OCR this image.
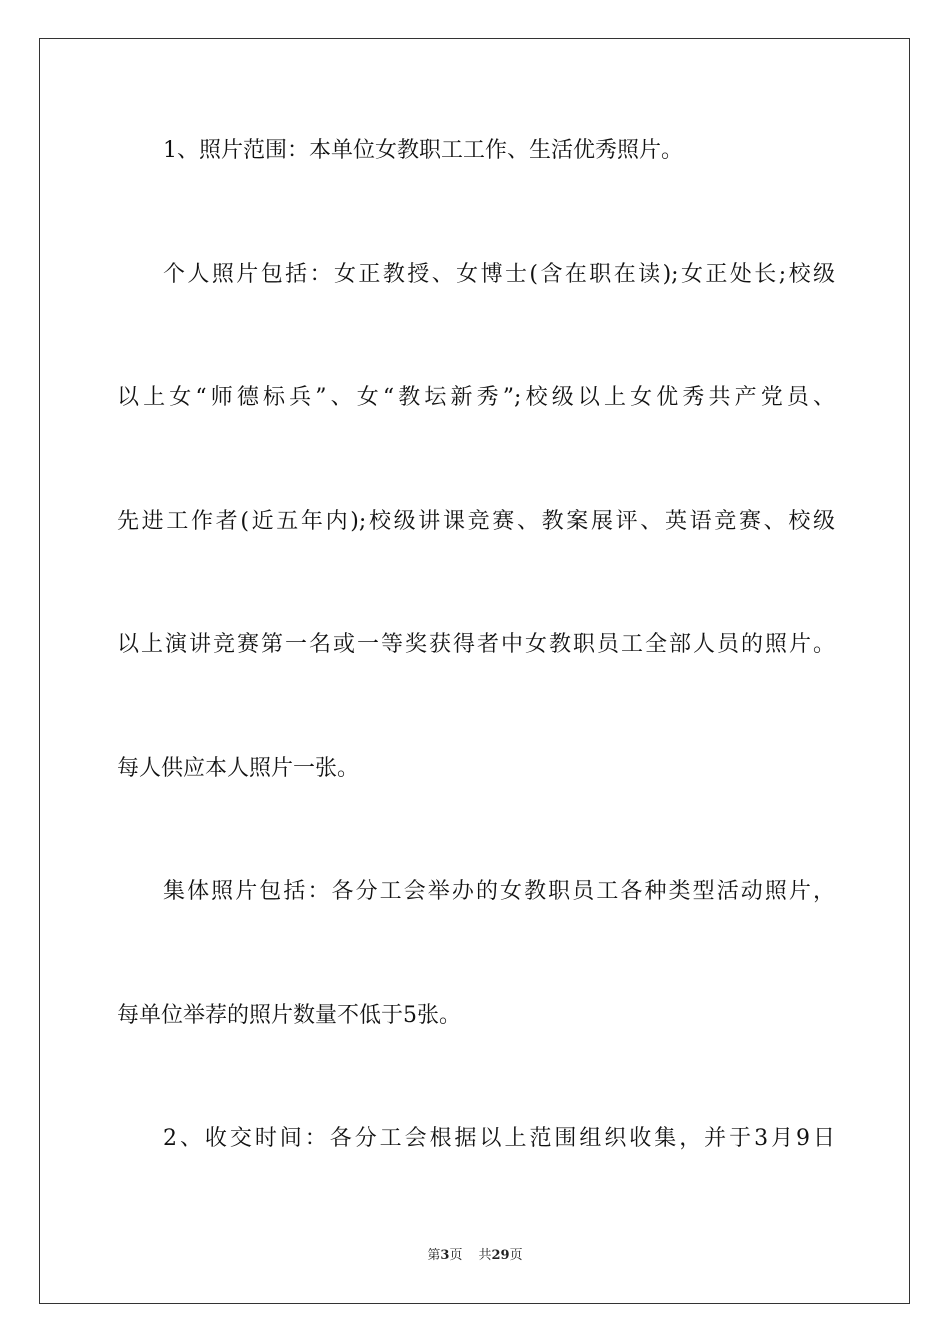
1、照片范围：本单位女教职工工作、生活优秀照片。
个人照片包括：女正教授、女博士(含在职在读);女正处长;校级
以上女“师德标兵”、女“教坛新秀”;校级以上女优秀共产党员、
先进工作者(近五年内);校级讲课竞赛、教案展评、英语竞赛、校级
以上演讲竞赛第一名或一等奖获得者中女教职员工全部人员的照片。
每人供应本人照片一张。
集体照片包括：各分工会举办的女教职员工各种类型活动照片，
每单位举荐的照片数量不低于5张。
2、收交时间：各分工会根据以上范围组织收集，并于3月9日
第3页 共29页
